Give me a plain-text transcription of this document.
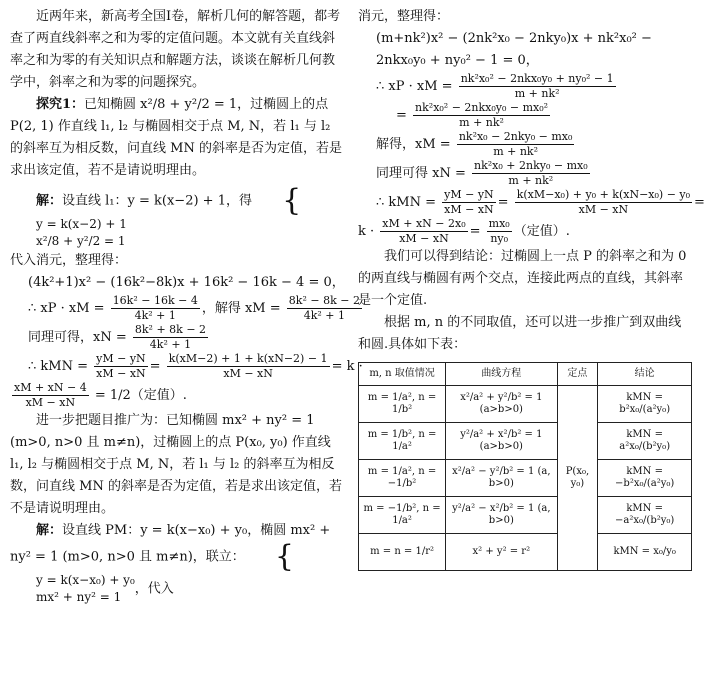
近两年来，新高考全国Ⅰ卷，解析几何的解答题，都考查了两直线斜率之和为零的定值问题。本文就有关直线斜率之和为零的有关知识点和解题方法，谈谈在解析几何教学中，斜率之和为零的问题探究。

探究1：已知椭圆 x²/8 + y²/2 = 1，过椭圆上的点 P(2, 1) 作直线 l₁, l₂ 与椭圆相交于点 M, N，若 l₁ 与 l₂ 的斜率互为相反数，问直线 MN 的斜率是否为定值，若是求出该定值，若不是请说明理由。

解：设直线 l₁：y = k(x−2) + 1，得 {
y = k(x−2) + 1
x²/8 + y²/2 = 1

代入消元，整理得：

(4k²+1)x² − (16k²−8k)x + 16k² − 16k − 4 = 0，

∴ xP · xM = $\frac{\text{16k² − 16k − 4}}{\text{4k² + 1}}$ ，解得 xM = $\frac{\text{8k² − 8k − 2}}{\text{4k² + 1}}$

同理可得，xN = $\frac{\text{8k² + 8k − 2}}{\text{4k² + 1}}$

∴ kMN = $\frac{yM - yN}{xM - xN} = \frac{k(xM-2) + 1 + k(xN-2) - 1}{xM - xN} = k$ ·

$\frac{xM + xN - 4}{xM - xN} = 1/2$（定值）.

进一步把题目推广为：已知椭圆 mx² + ny² = 1 (m>0, n>0 且 m≠n)，过椭圆上的点 P(x₀, y₀) 作直线 l₁, l₂ 与椭圆相交于点 M, N，若 l₁ 与 l₂ 的斜率互为相反数，问直线 MN 的斜率是否为定值，若是求出该定值，若不是请说明理由。

解：设直线 PM：y = k(x−x₀) + y₀，椭圆 mx² + ny² = 1 (m>0, n>0 且 m≠n)，联立： {
y = k(x−x₀) + y₀
mx² + ny² = 1
，代入

消元，整理得：

(m+nk²)x² − (2nk²x₀ − 2nky₀)x + nk²x₀² − 2nkx₀y₀ + ny₀² − 1 = 0，

∴ xP · xM = $\frac{\text{nk²x₀² − 2nkx₀y₀ + ny₀² − 1}}{\text{m + nk²}}$

= $\frac{\text{nk²x₀² − 2nkx₀y₀ − mx₀²}}{\text{m + nk²}}$

解得，xM = $\frac{\text{nk²x₀ − 2nky₀ − mx₀}}{\text{m + nk²}}$

同理可得 xN = $\frac{\text{nk²x₀ + 2nky₀ − mx₀}}{\text{m + nk²}}$

∴ kMN = $\frac{yM - yN}{xM - xN} = \frac{\text{k(xM−x₀) + y₀ + k(xN−x₀) − y₀}}{xM - xN}$ =

$k \cdot \frac{\text{xM + xN − 2x₀}}{xM - xN} = \frac{\text{mx₀}}{\text{ny₀}}$ （定值）.

我们可以得到结论：过椭圆上一点 P 的斜率之和为 0 的两直线与椭圆有两个交点，连接此两点的直线，其斜率是一个定值.

根据 m, n 的不同取值，还可以进一步推广到双曲线和圆.具体如下表：

m, n 取值情况	曲线方程	定点	结论
m = 1/a², n = 1/b²	x²/a² + y²/b² = 1 (a>b>0)	P(x₀, y₀)	kMN = b²x₀/(a²y₀)
m = 1/b², n = 1/a²	y²/a² + x²/b² = 1 (a>b>0)		kMN = a²x₀/(b²y₀)
m = 1/a², n = −1/b²	x²/a² − y²/b² = 1 (a, b>0)		kMN = −b²x₀/(a²y₀)
m = −1/b², n = 1/a²	y²/a² − x²/b² = 1 (a, b>0)		kMN = −a²x₀/(b²y₀)
m = n = 1/r²	x² + y² = r²		kMN = x₀/y₀
